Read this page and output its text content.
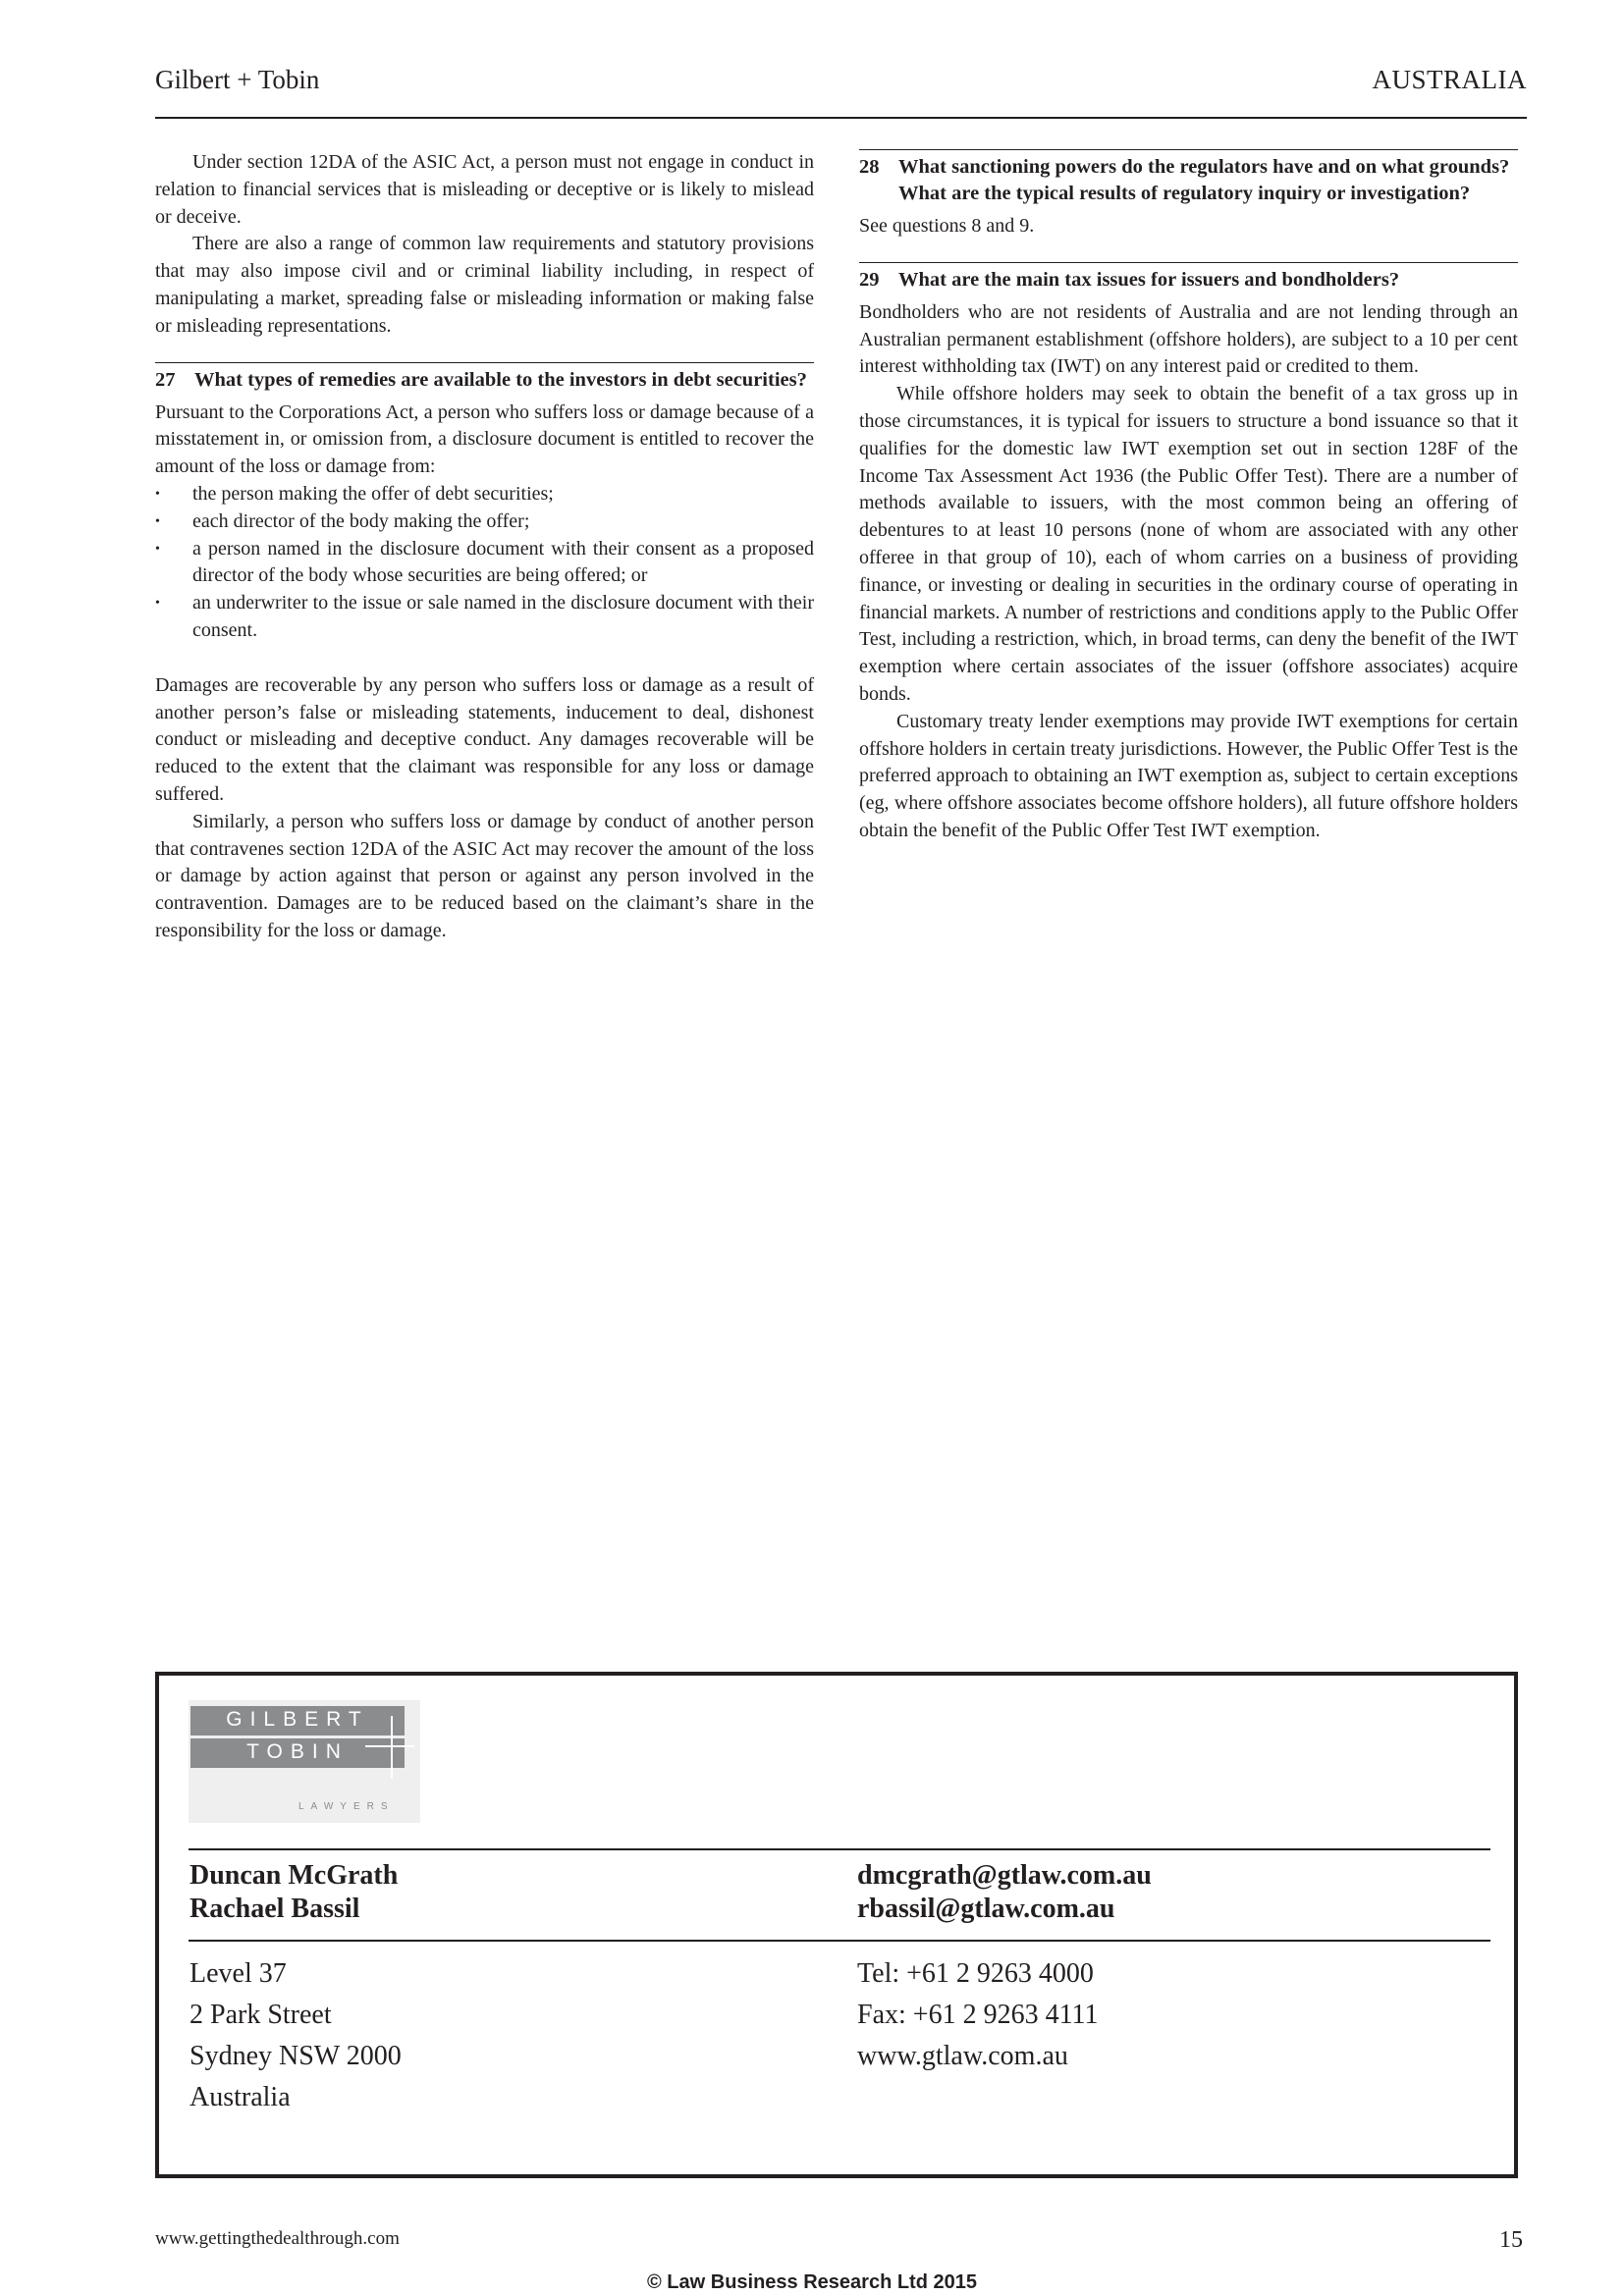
Gilbert + Tobin	AUSTRALIA

Under section 12DA of the ASIC Act, a person must not engage in conduct in relation to financial services that is misleading or deceptive or is likely to mislead or deceive.

There are also a range of common law requirements and statutory provisions that may also impose civil and or criminal liability including, in respect of manipulating a market, spreading false or misleading information or making false or misleading representations.

27 What types of remedies are available to the investors in debt securities?

Pursuant to the Corporations Act, a person who suffers loss or damage because of a misstatement in, or omission from, a disclosure document is entitled to recover the amount of the loss or damage from:

• the person making the offer of debt securities;
• each director of the body making the offer;
• a person named in the disclosure document with their consent as a proposed director of the body whose securities are being offered; or
• an underwriter to the issue or sale named in the disclosure document with their consent.

Damages are recoverable by any person who suffers loss or damage as a result of another person’s false or misleading statements, inducement to deal, dishonest conduct or misleading and deceptive conduct. Any damages recoverable will be reduced to the extent that the claimant was responsible for any loss or damage suffered.

Similarly, a person who suffers loss or damage by conduct of another person that contravenes section 12DA of the ASIC Act may recover the amount of the loss or damage by action against that person or against any person involved in the contravention. Damages are to be reduced based on the claimant’s share in the responsibility for the loss or damage.

28 What sanctioning powers do the regulators have and on what grounds? What are the typical results of regulatory inquiry or investigation?

See questions 8 and 9.

29 What are the main tax issues for issuers and bondholders?

Bondholders who are not residents of Australia and are not lending through an Australian permanent establishment (offshore holders), are subject to a 10 per cent interest withholding tax (IWT) on any interest paid or credited to them.

While offshore holders may seek to obtain the benefit of a tax gross up in those circumstances, it is typical for issuers to structure a bond issuance so that it qualifies for the domestic law IWT exemption set out in section 128F of the Income Tax Assessment Act 1936 (the Public Offer Test). There are a number of methods available to issuers, with the most common being an offering of debentures to at least 10 persons (none of whom are associated with any other offeree in that group of 10), each of whom carries on a business of providing finance, or investing or dealing in securities in the ordinary course of operating in financial markets. A number of restrictions and conditions apply to the Public Offer Test, including a restriction, which, in broad terms, can deny the benefit of the IWT exemption where certain associates of the issuer (offshore associates) acquire bonds.

Customary treaty lender exemptions may provide IWT exemptions for certain offshore holders in certain treaty jurisdictions. However, the Public Offer Test is the preferred approach to obtaining an IWT exemption as, subject to certain exceptions (eg, where offshore associates become offshore holders), all future offshore holders obtain the benefit of the Public Offer Test IWT exemption.

GILBERT
TOBIN
LAWYERS
Duncan McGrath
Rachael Bassil
dmcgrath@gtlaw.com.au
rbassil@gtlaw.com.au
Level 37
2 Park Street
Sydney NSW 2000
Australia
Tel: +61 2 9263 4000
Fax: +61 2 9263 4111
www.gtlaw.com.au
www.gettingthedealthrough.com	15
© Law Business Research Ltd 2015
